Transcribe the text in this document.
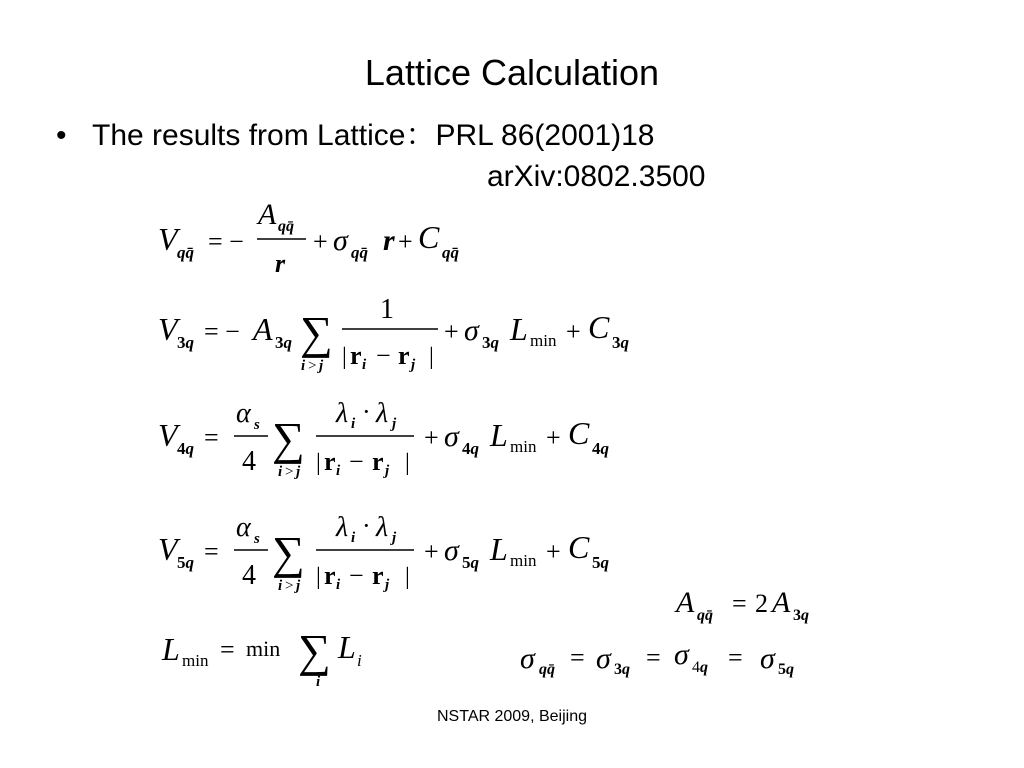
Lattice Calculation
• The results from Lattice：PRL 86(2001)18
arXiv:0802.3500
V qq̄ = −
A qq̄
r
+ σ qq̄ r + C qq̄
V 3q = − A 3q ∑
i > j
1
| r i − r j |
+ σ 3q L min + C 3q
V 4q =
α s
4 ∑
i > j
λ i · λ j
| r i − r j |
+ σ 4q L min + C 4q
V 5q =
α s
4 ∑
i > j
λ i · λ j
| r i − r j |
+ σ 5q L min + C 5q
A qq̄ = 2 A 3q
L min = min ∑
i
L i	σ qq̄ = σ 3q = σ 4q = σ 5q
NSTAR 2009, Beijing
